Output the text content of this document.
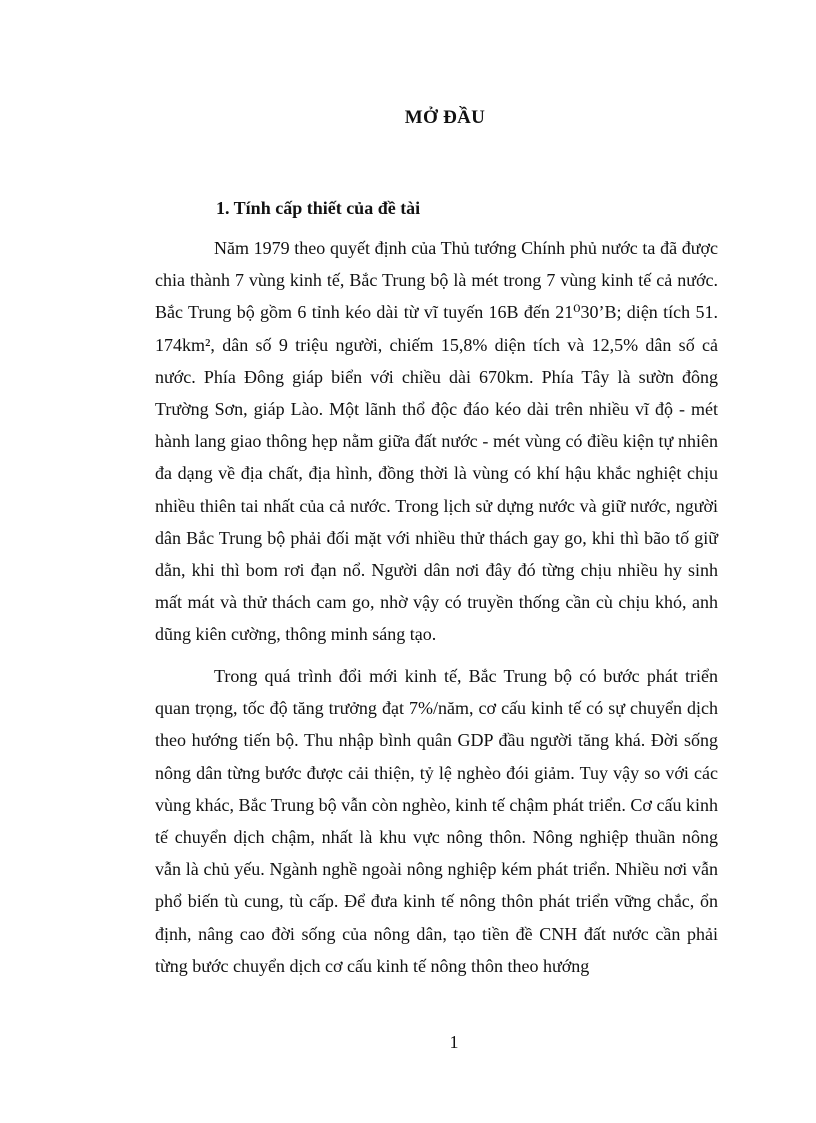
MỞ ĐẦU
1. Tính cấp thiết của đề tài

Năm 1979 theo quyết định của Thủ tướng Chính phủ nước ta đã được chia thành 7 vùng kinh tế, Bắc Trung bộ là mét trong 7 vùng kinh tế cả nước. Bắc Trung bộ gồm 6 tỉnh kéo dài từ vĩ tuyến 16B đến 21⁰30’B; diện tích 51. 174km², dân số 9 triệu người, chiếm 15,8% diện tích và 12,5% dân số cả nước. Phía Đông giáp biển với chiều dài 670km. Phía Tây là sườn đông Trường Sơn, giáp Lào. Một lãnh thổ độc đáo kéo dài trên nhiều vĩ độ - mét hành lang giao thông hẹp nằm giữa đất nước - mét vùng có điều kiện tự nhiên đa dạng về địa chất, địa hình, đồng thời là vùng có khí hậu khắc nghiệt chịu nhiều thiên tai nhất của cả nước. Trong lịch sử dựng nước và giữ nước, người dân Bắc Trung bộ phải đối mặt với nhiều thử thách gay go, khi thì bão tố giữ dằn, khi thì bom rơi đạn nổ. Người dân nơi đây đó từng chịu nhiều hy sinh mất mát và thử thách cam go, nhờ vậy có truyền thống cần cù chịu khó, anh dũng kiên cường, thông minh sáng tạo.

Trong quá trình đổi mới kinh tế, Bắc Trung bộ có bước phát triển quan trọng, tốc độ tăng trưởng đạt 7%/năm, cơ cấu kinh tế có sự chuyển dịch theo hướng tiến bộ. Thu nhập bình quân GDP đầu người tăng khá. Đời sống nông dân từng bước được cải thiện, tỷ lệ nghèo đói giảm. Tuy vậy so với các vùng khác, Bắc Trung bộ vẫn còn nghèo, kinh tế chậm phát triển. Cơ cấu kinh tế chuyển dịch chậm, nhất là khu vực nông thôn. Nông nghiệp thuần nông vẫn là chủ yếu. Ngành nghề ngoài nông nghiệp kém phát triển. Nhiều nơi vẫn phổ biến tù cung, tù cấp. Để đưa kinh tế nông thôn phát triển vững chắc, ổn định, nâng cao đời sống của nông dân, tạo tiền đề CNH đất nước cần phải từng bước chuyển dịch cơ cấu kinh tế nông thôn theo hướng

1
